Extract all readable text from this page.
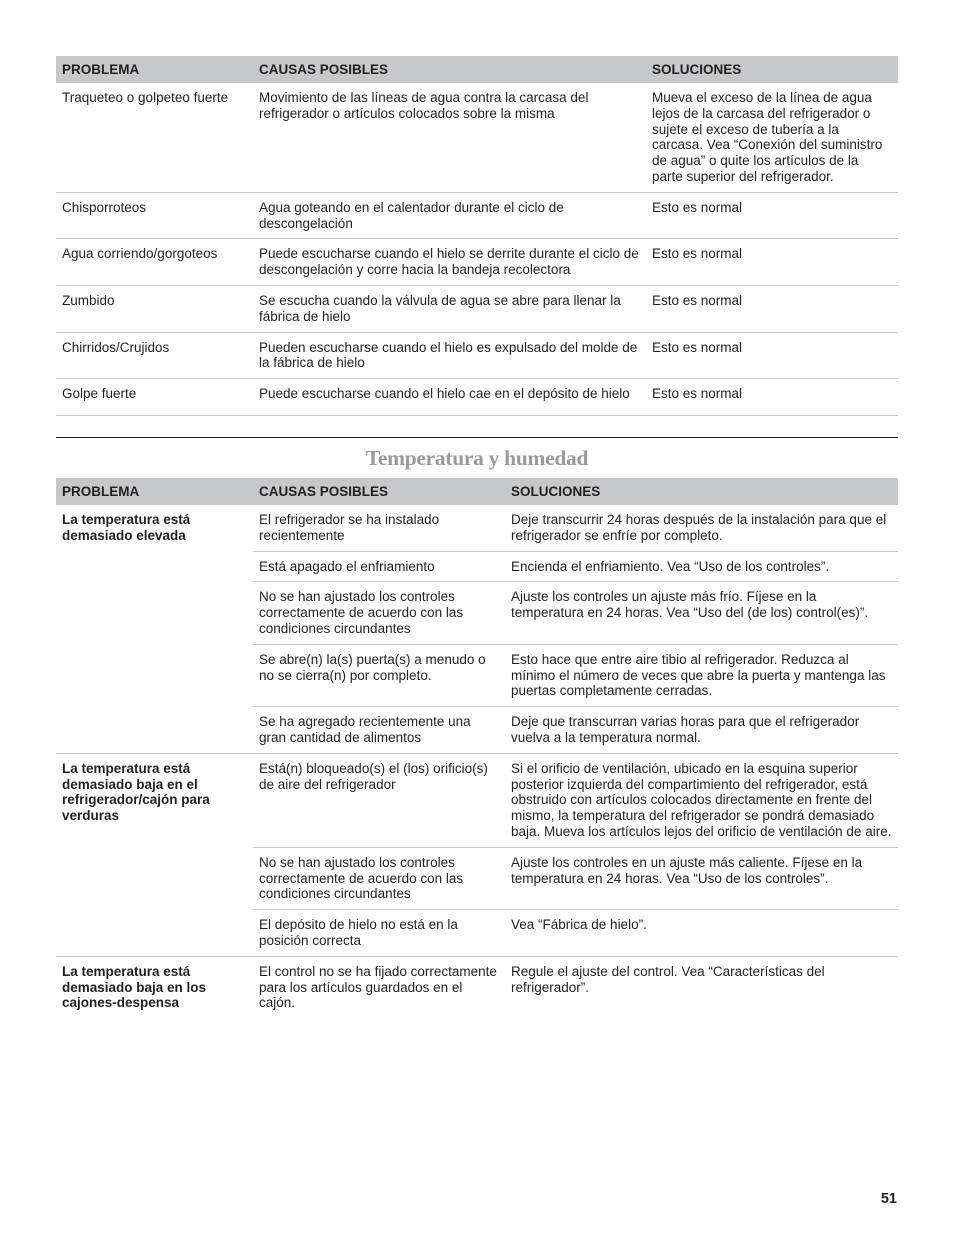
PROBLEMA	CAUSAS POSIBLES	SOLUCIONES
Traqueteo o golpeteo fuerte	Movimiento de las líneas de agua contra la carcasa del refrigerador o artículos colocados sobre la misma	Mueva el exceso de la línea de agua lejos de la carcasa del refrigerador o sujete el exceso de tubería a la carcasa. Vea “Conexión del suministro de agua” o quite los artículos de la parte superior del refrigerador.
Chisporroteos	Agua goteando en el calentador durante el ciclo de descongelación	Esto es normal
Agua corriendo/gorgoteos	Puede escucharse cuando el hielo se derrite durante el ciclo de descongelación y corre hacia la bandeja recolectora	Esto es normal
Zumbido	Se escucha cuando la válvula de agua se abre para llenar la fábrica de hielo	Esto es normal
Chirridos/Crujidos	Pueden escucharse cuando el hielo es expulsado del molde de la fábrica de hielo	Esto es normal
Golpe fuerte	Puede escucharse cuando el hielo cae en el depósito de hielo	Esto es normal
Temperatura y humedad
PROBLEMA	CAUSAS POSIBLES	SOLUCIONES
La temperatura está demasiado elevada	El refrigerador se ha instalado recientemente	Deje transcurrir 24 horas después de la instalación para que el refrigerador se enfríe por completo.
	Está apagado el enfriamiento	Encienda el enfriamiento. Vea “Uso de los controles”.
	No se han ajustado los controles correctamente de acuerdo con las condiciones circundantes	Ajuste los controles un ajuste más frío. Fíjese en la temperatura en 24 horas. Vea “Uso del (de los) control(es)”.
	Se abre(n) la(s) puerta(s) a menudo o no se cierra(n) por completo.	Esto hace que entre aire tibio al refrigerador. Reduzca al mínimo el número de veces que abre la puerta y mantenga las puertas completamente cerradas.
	Se ha agregado recientemente una gran cantidad de alimentos	Deje que transcurran varias horas para que el refrigerador vuelva a la temperatura normal.
La temperatura está demasiado baja en el refrigerador/cajón para verduras	Está(n) bloqueado(s) el (los) orificio(s) de aire del refrigerador	Si el orificio de ventilación, ubicado en la esquina superior posterior izquierda del compartimiento del refrigerador, está obstruido con artículos colocados directamente en frente del mismo, la temperatura del refrigerador se pondrá demasiado baja. Mueva los artículos lejos del orificio de ventilación de aire.
	No se han ajustado los controles correctamente de acuerdo con las condiciones circundantes	Ajuste los controles en un ajuste más caliente. Fíjese en la temperatura en 24 horas. Vea “Uso de los controles”.
	El depósito de hielo no está en la posición correcta	Vea “Fábrica de hielo”.
La temperatura está demasiado baja en los cajones-despensa	El control no se ha fijado correctamente para los artículos guardados en el cajón.	Regule el ajuste del control. Vea “Características del refrigerador”.
51
